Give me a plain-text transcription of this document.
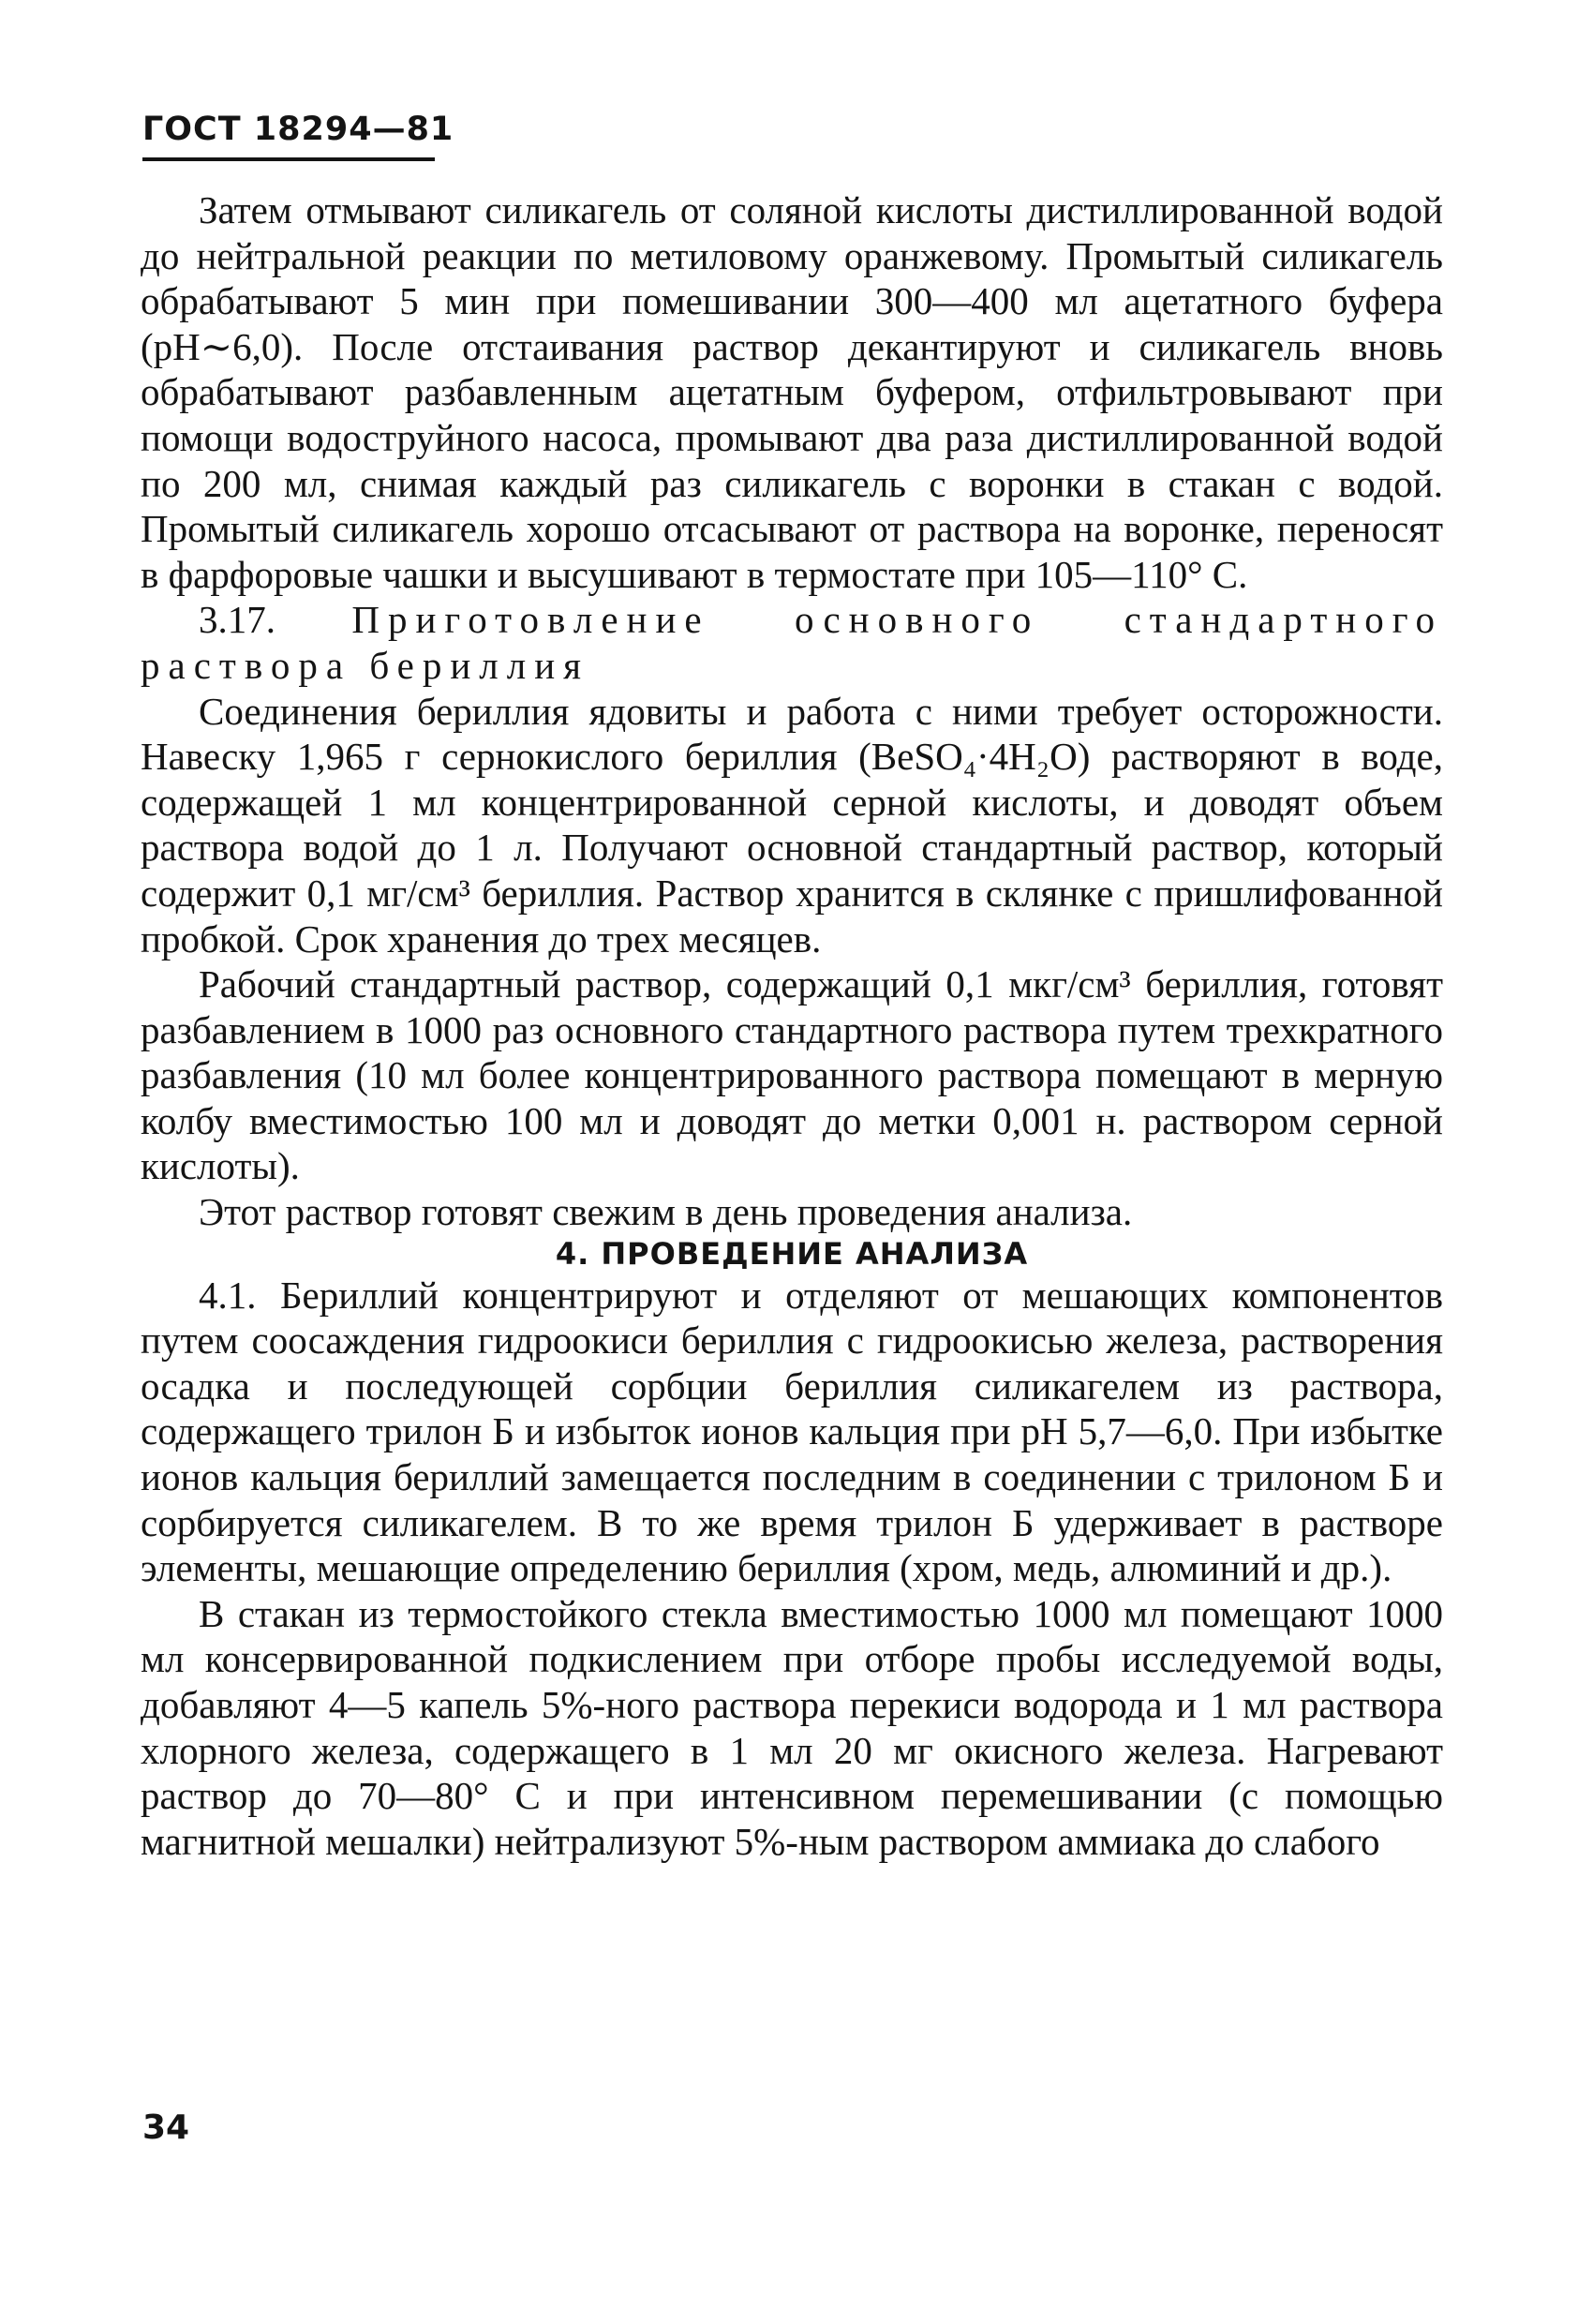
ГОСТ 18294—81

Затем отмывают силикагель от соляной кислоты дистиллированной водой до нейтральной реакции по метиловому оранжевому. Промытый силикагель обрабатывают 5 мин при помешивании 300—400 мл ацетатного буфера (pH∼6,0). После отстаивания раствор декантируют и силикагель вновь обрабатывают разбавленным ацетатным буфером, отфильтровывают при помощи водоструйного насоса, промывают два раза дистиллированной водой по 200 мл, снимая каждый раз силикагель с воронки в стакан с водой. Промытый силикагель хорошо отсасывают от раствора на воронке, переносят в фарфоровые чашки и высушивают в термостате при 105—110° С.

3.17. Приготовление основного стандартного раствора бериллия

Соединения бериллия ядовиты и работа с ними требует осторожности. Навеску 1,965 г сернокислого бериллия (BeSO₄·4H₂O) растворяют в воде, содержащей 1 мл концентрированной серной кислоты, и доводят объем раствора водой до 1 л. Получают основной стандартный раствор, который содержит 0,1 мг/см³ бериллия. Раствор хранится в склянке с пришлифованной пробкой. Срок хранения до трех месяцев.

Рабочий стандартный раствор, содержащий 0,1 мкг/см³ бериллия, готовят разбавлением в 1000 раз основного стандартного раствора путем трехкратного разбавления (10 мл более концентрированного раствора помещают в мерную колбу вместимостью 100 мл и доводят до метки 0,001 н. раствором серной кислоты).

Этот раствор готовят свежим в день проведения анализа.

4. ПРОВЕДЕНИЕ АНАЛИЗА

4.1. Бериллий концентрируют и отделяют от мешающих компонентов путем соосаждения гидроокиси бериллия с гидроокисью железа, растворения осадка и последующей сорбции бериллия силикагелем из раствора, содержащего трилон Б и избыток ионов кальция при pH 5,7—6,0. При избытке ионов кальция бериллий замещается последним в соединении с трилоном Б и сорбируется силикагелем. В то же время трилон Б удерживает в растворе элементы, мешающие определению бериллия (хром, медь, алюминий и др.).

В стакан из термостойкого стекла вместимостью 1000 мл помещают 1000 мл консервированной подкислением при отборе пробы исследуемой воды, добавляют 4—5 капель 5%-ного раствора перекиси водорода и 1 мл раствора хлорного железа, содержащего в 1 мл 20 мг окисного железа. Нагревают раствор до 70—80° С и при интенсивном перемешивании (с помощью магнитной мешалки) нейтрализуют 5%-ным раствором аммиака до слабого

34
